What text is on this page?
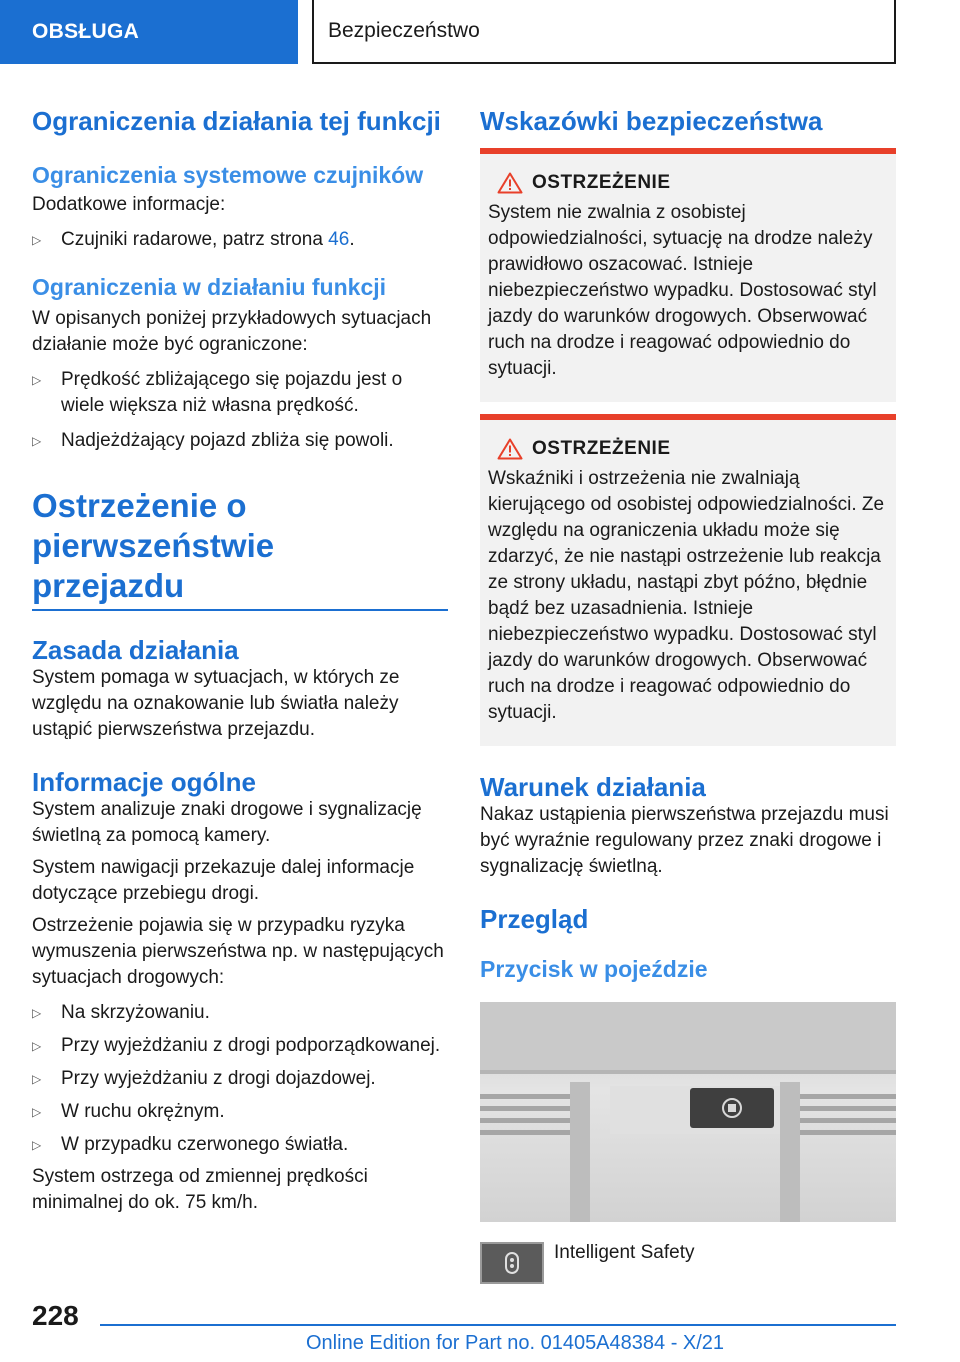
OBSŁUGA	Bezpieczeństwo
Ograniczenia działania tej funkcji
Ograniczenia systemowe czujników

Dodatkowe informacje:

▷	Czujniki radarowe, patrz strona 46.
Ograniczenia w działaniu funkcji

W opisanych poniżej przykładowych sytuacjach działanie może być ograniczone:

▷	Prędkość zbliżającego się pojazdu jest o wiele większa niż własna prędkość.
▷	Nadjeżdżający pojazd zbliża się powoli.
Ostrzeżenie o pierwszeństwie przejazdu
Zasada działania

System pomaga w sytuacjach, w których ze względu na oznakowanie lub światła należy ustąpić pierwszeństwa przejazdu.

Informacje ogólne

System analizuje znaki drogowe i sygnalizację świetlną za pomocą kamery.

System nawigacji przekazuje dalej informacje dotyczące przebiegu drogi.

Ostrzeżenie pojawia się w przypadku ryzyka wymuszenia pierwszeństwa np. w następujących sytuacjach drogowych:

▷	Na skrzyżowaniu.
▷	Przy wyjeżdżaniu z drogi podporządkowanej.
▷	Przy wyjeżdżaniu z drogi dojazdowej.
▷	W ruchu okrężnym.
▷	W przypadku czerwonego światła.

System ostrzega od zmiennej prędkości minimalnej do ok. 75 km/h.

Wskazówki bezpieczeństwa
OSTRZEŻENIE

System nie zwalnia z osobistej odpowiedzialności, sytuację na drodze należy prawidłowo oszacować. Istnieje niebezpieczeństwo wypadku. Dostosować styl jazdy do warunków drogowych. Obserwować ruch na drodze i reagować odpowiednio do sytuacji.

OSTRZEŻENIE

Wskaźniki i ostrzeżenia nie zwalniają kierującego od osobistej odpowiedzialności. Ze względu na ograniczenia układu może się zdarzyć, że nie nastąpi ostrzeżenie lub reakcja ze strony układu, nastąpi zbyt późno, błędnie bądź bez uzasadnienia. Istnieje niebezpieczeństwo wypadku. Dostosować styl jazdy do warunków drogowych. Obserwować ruch na drodze i reagować odpowiednio do sytuacji.

Warunek działania

Nakaz ustąpienia pierwszeństwa przejazdu musi być wyraźnie regulowany przez znaki drogowe i sygnalizację świetlną.

Przegląd
Przycisk w pojeździe
Intelligent Safety
228
Online Edition for Part no. 01405A48384 - X/21
